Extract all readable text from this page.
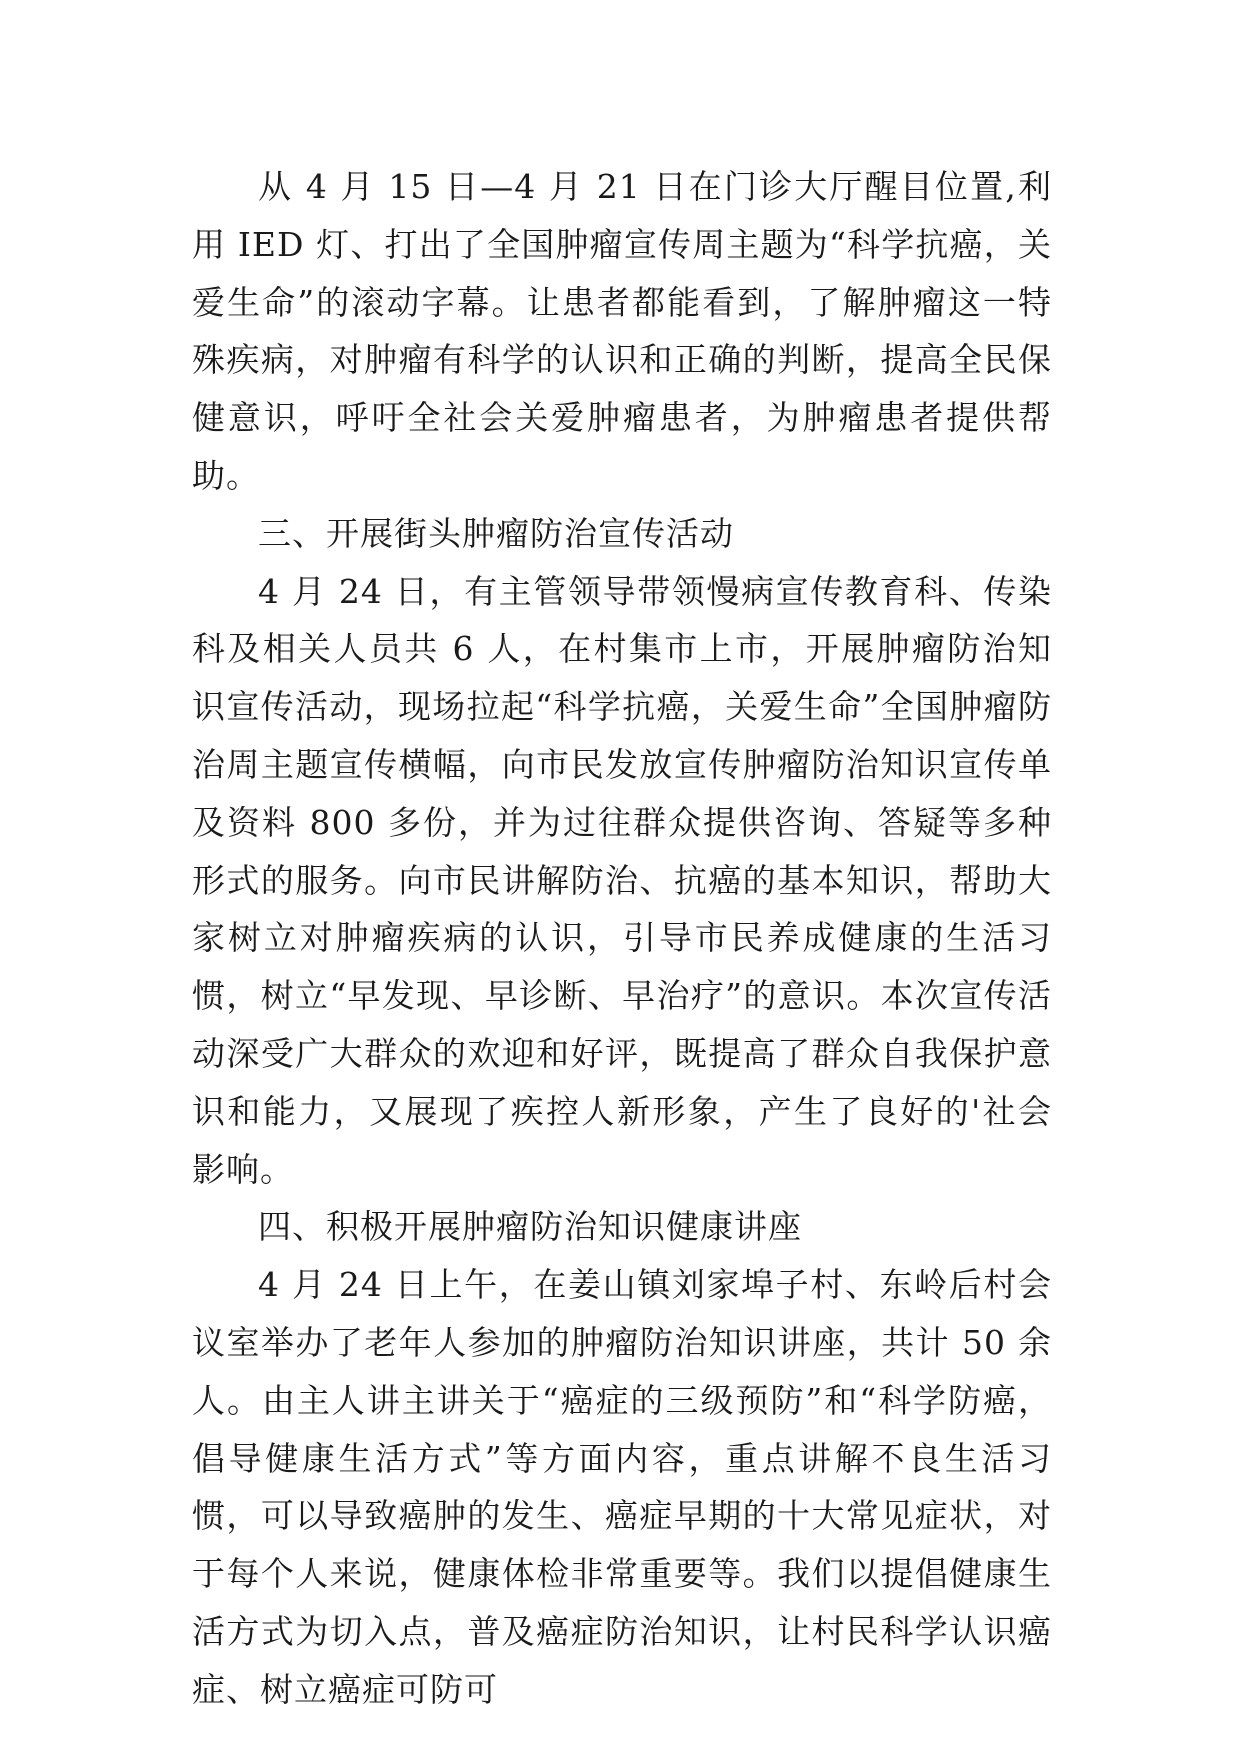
从 4 月 15 日—4 月 21 日在门诊大厅醒目位置,利用 IED 灯、打出了全国肿瘤宣传周主题为“科学抗癌，关爱生命”的滚动字幕。让患者都能看到，了解肿瘤这一特殊疾病，对肿瘤有科学的认识和正确的判断，提高全民保健意识，呼吁全社会关爱肿瘤患者，为肿瘤患者提供帮助。

三、开展街头肿瘤防治宣传活动

4 月 24 日，有主管领导带领慢病宣传教育科、传染科及相关人员共 6 人，在村集市上市，开展肿瘤防治知识宣传活动，现场拉起“科学抗癌，关爱生命”全国肿瘤防治周主题宣传横幅，向市民发放宣传肿瘤防治知识宣传单及资料 800 多份，并为过往群众提供咨询、答疑等多种形式的服务。向市民讲解防治、抗癌的基本知识，帮助大家树立对肿瘤疾病的认识，引导市民养成健康的生活习惯，树立“早发现、早诊断、早治疗”的意识。本次宣传活动深受广大群众的欢迎和好评，既提高了群众自我保护意识和能力，又展现了疾控人新形象，产生了良好的'社会影响。

四、积极开展肿瘤防治知识健康讲座

4 月 24 日上午，在姜山镇刘家埠子村、东岭后村会议室举办了老年人参加的肿瘤防治知识讲座，共计 50 余人。由主人讲主讲关于“癌症的三级预防”和“科学防癌，倡导健康生活方式”等方面内容，重点讲解不良生活习惯，可以导致癌肿的发生、癌症早期的十大常见症状，对于每个人来说，健康体检非常重要等。我们以提倡健康生活方式为切入点，普及癌症防治知识，让村民科学认识癌症、树立癌症可防可
